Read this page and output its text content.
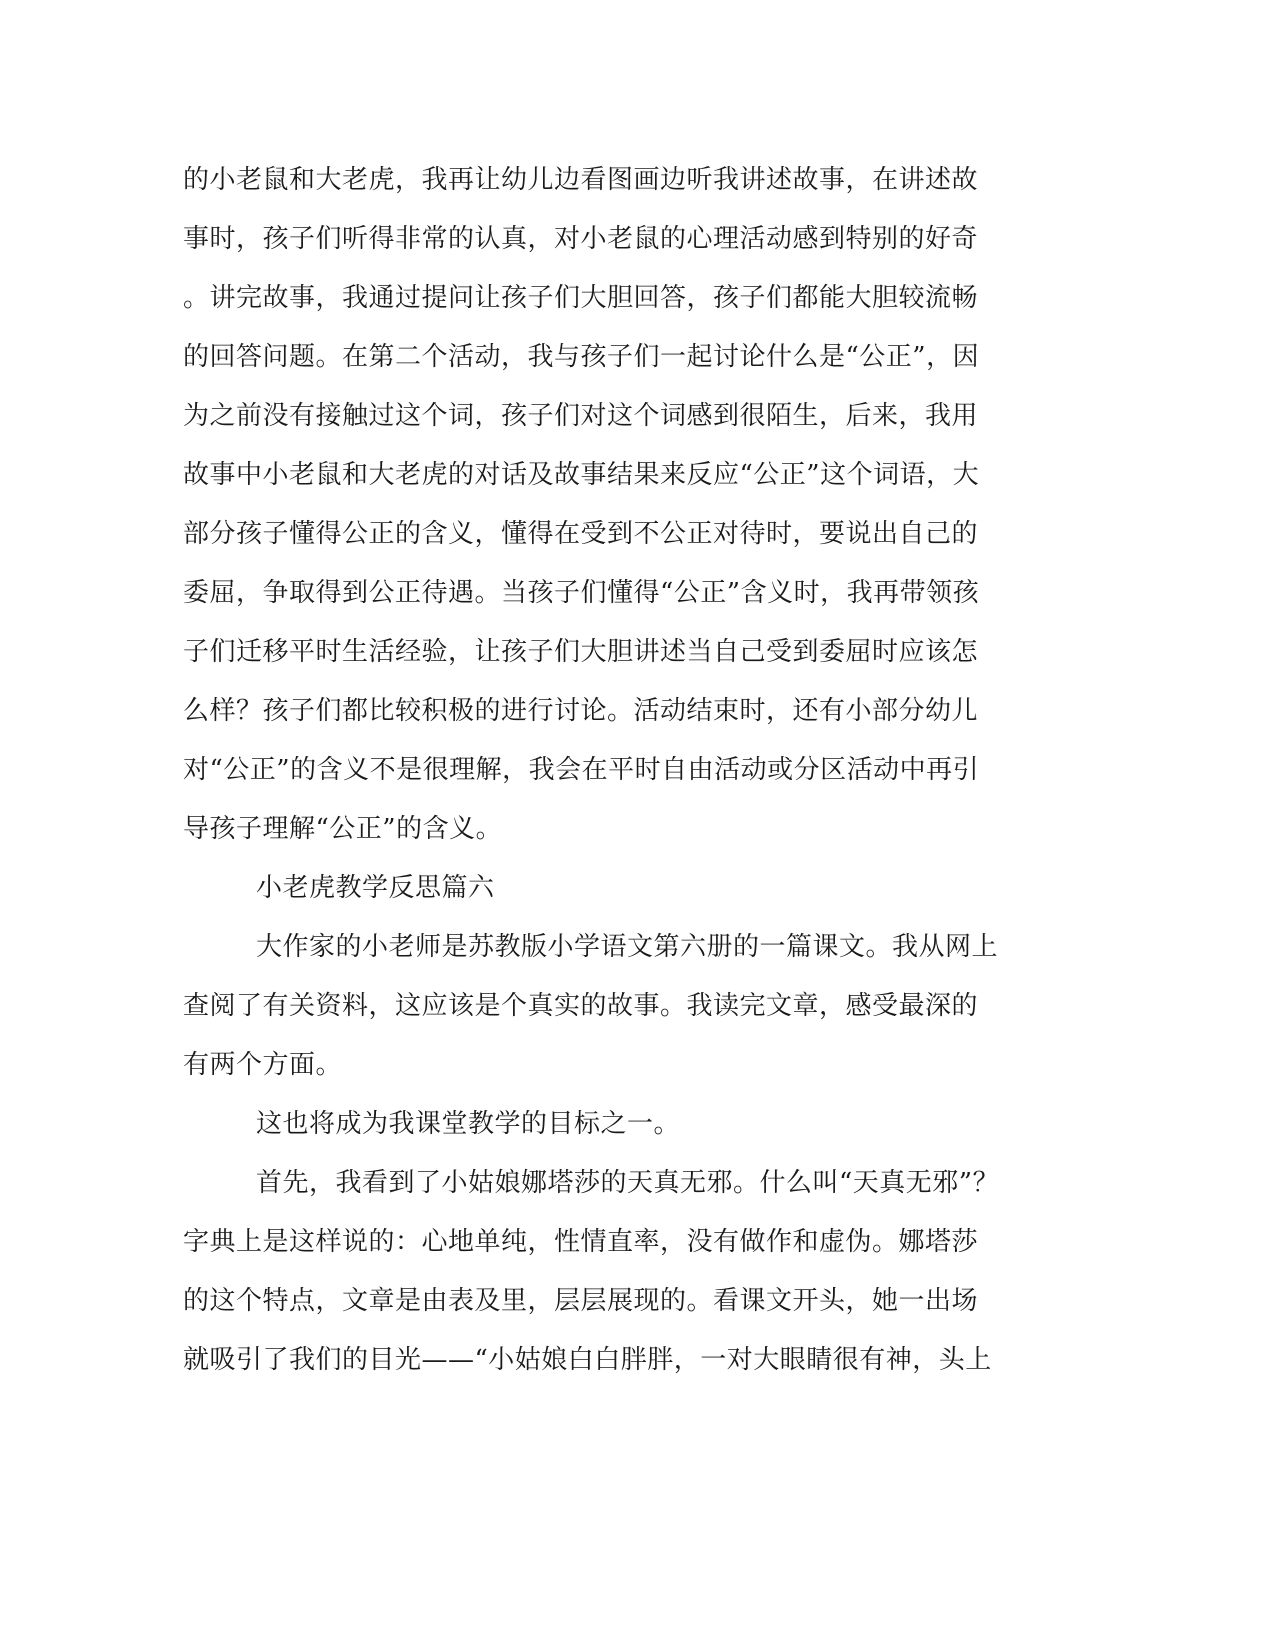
的小老鼠和大老虎，我再让幼儿边看图画边听我讲述故事，在讲述故
事时，孩子们听得非常的认真，对小老鼠的心理活动感到特别的好奇
。讲完故事，我通过提问让孩子们大胆回答，孩子们都能大胆较流畅
的回答问题。在第二个活动，我与孩子们一起讨论什么是“公正”，因
为之前没有接触过这个词，孩子们对这个词感到很陌生，后来，我用
故事中小老鼠和大老虎的对话及故事结果来反应“公正”这个词语，大
部分孩子懂得公正的含义，懂得在受到不公正对待时，要说出自己的
委屈，争取得到公正待遇。当孩子们懂得“公正”含义时，我再带领孩
子们迁移平时生活经验，让孩子们大胆讲述当自己受到委屈时应该怎
么样？孩子们都比较积极的进行讨论。活动结束时，还有小部分幼儿
对“公正”的含义不是很理解，我会在平时自由活动或分区活动中再引
导孩子理解“公正”的含义。
小老虎教学反思篇六
大作家的小老师是苏教版小学语文第六册的一篇课文。我从网上
查阅了有关资料，这应该是个真实的故事。我读完文章，感受最深的
有两个方面。
这也将成为我课堂教学的目标之一。
首先，我看到了小姑娘娜塔莎的天真无邪。什么叫“天真无邪”？
字典上是这样说的：心地单纯，性情直率，没有做作和虚伪。娜塔莎
的这个特点，文章是由表及里，层层展现的。看课文开头，她一出场
就吸引了我们的目光——“小姑娘白白胖胖，一对大眼睛很有神，头上
